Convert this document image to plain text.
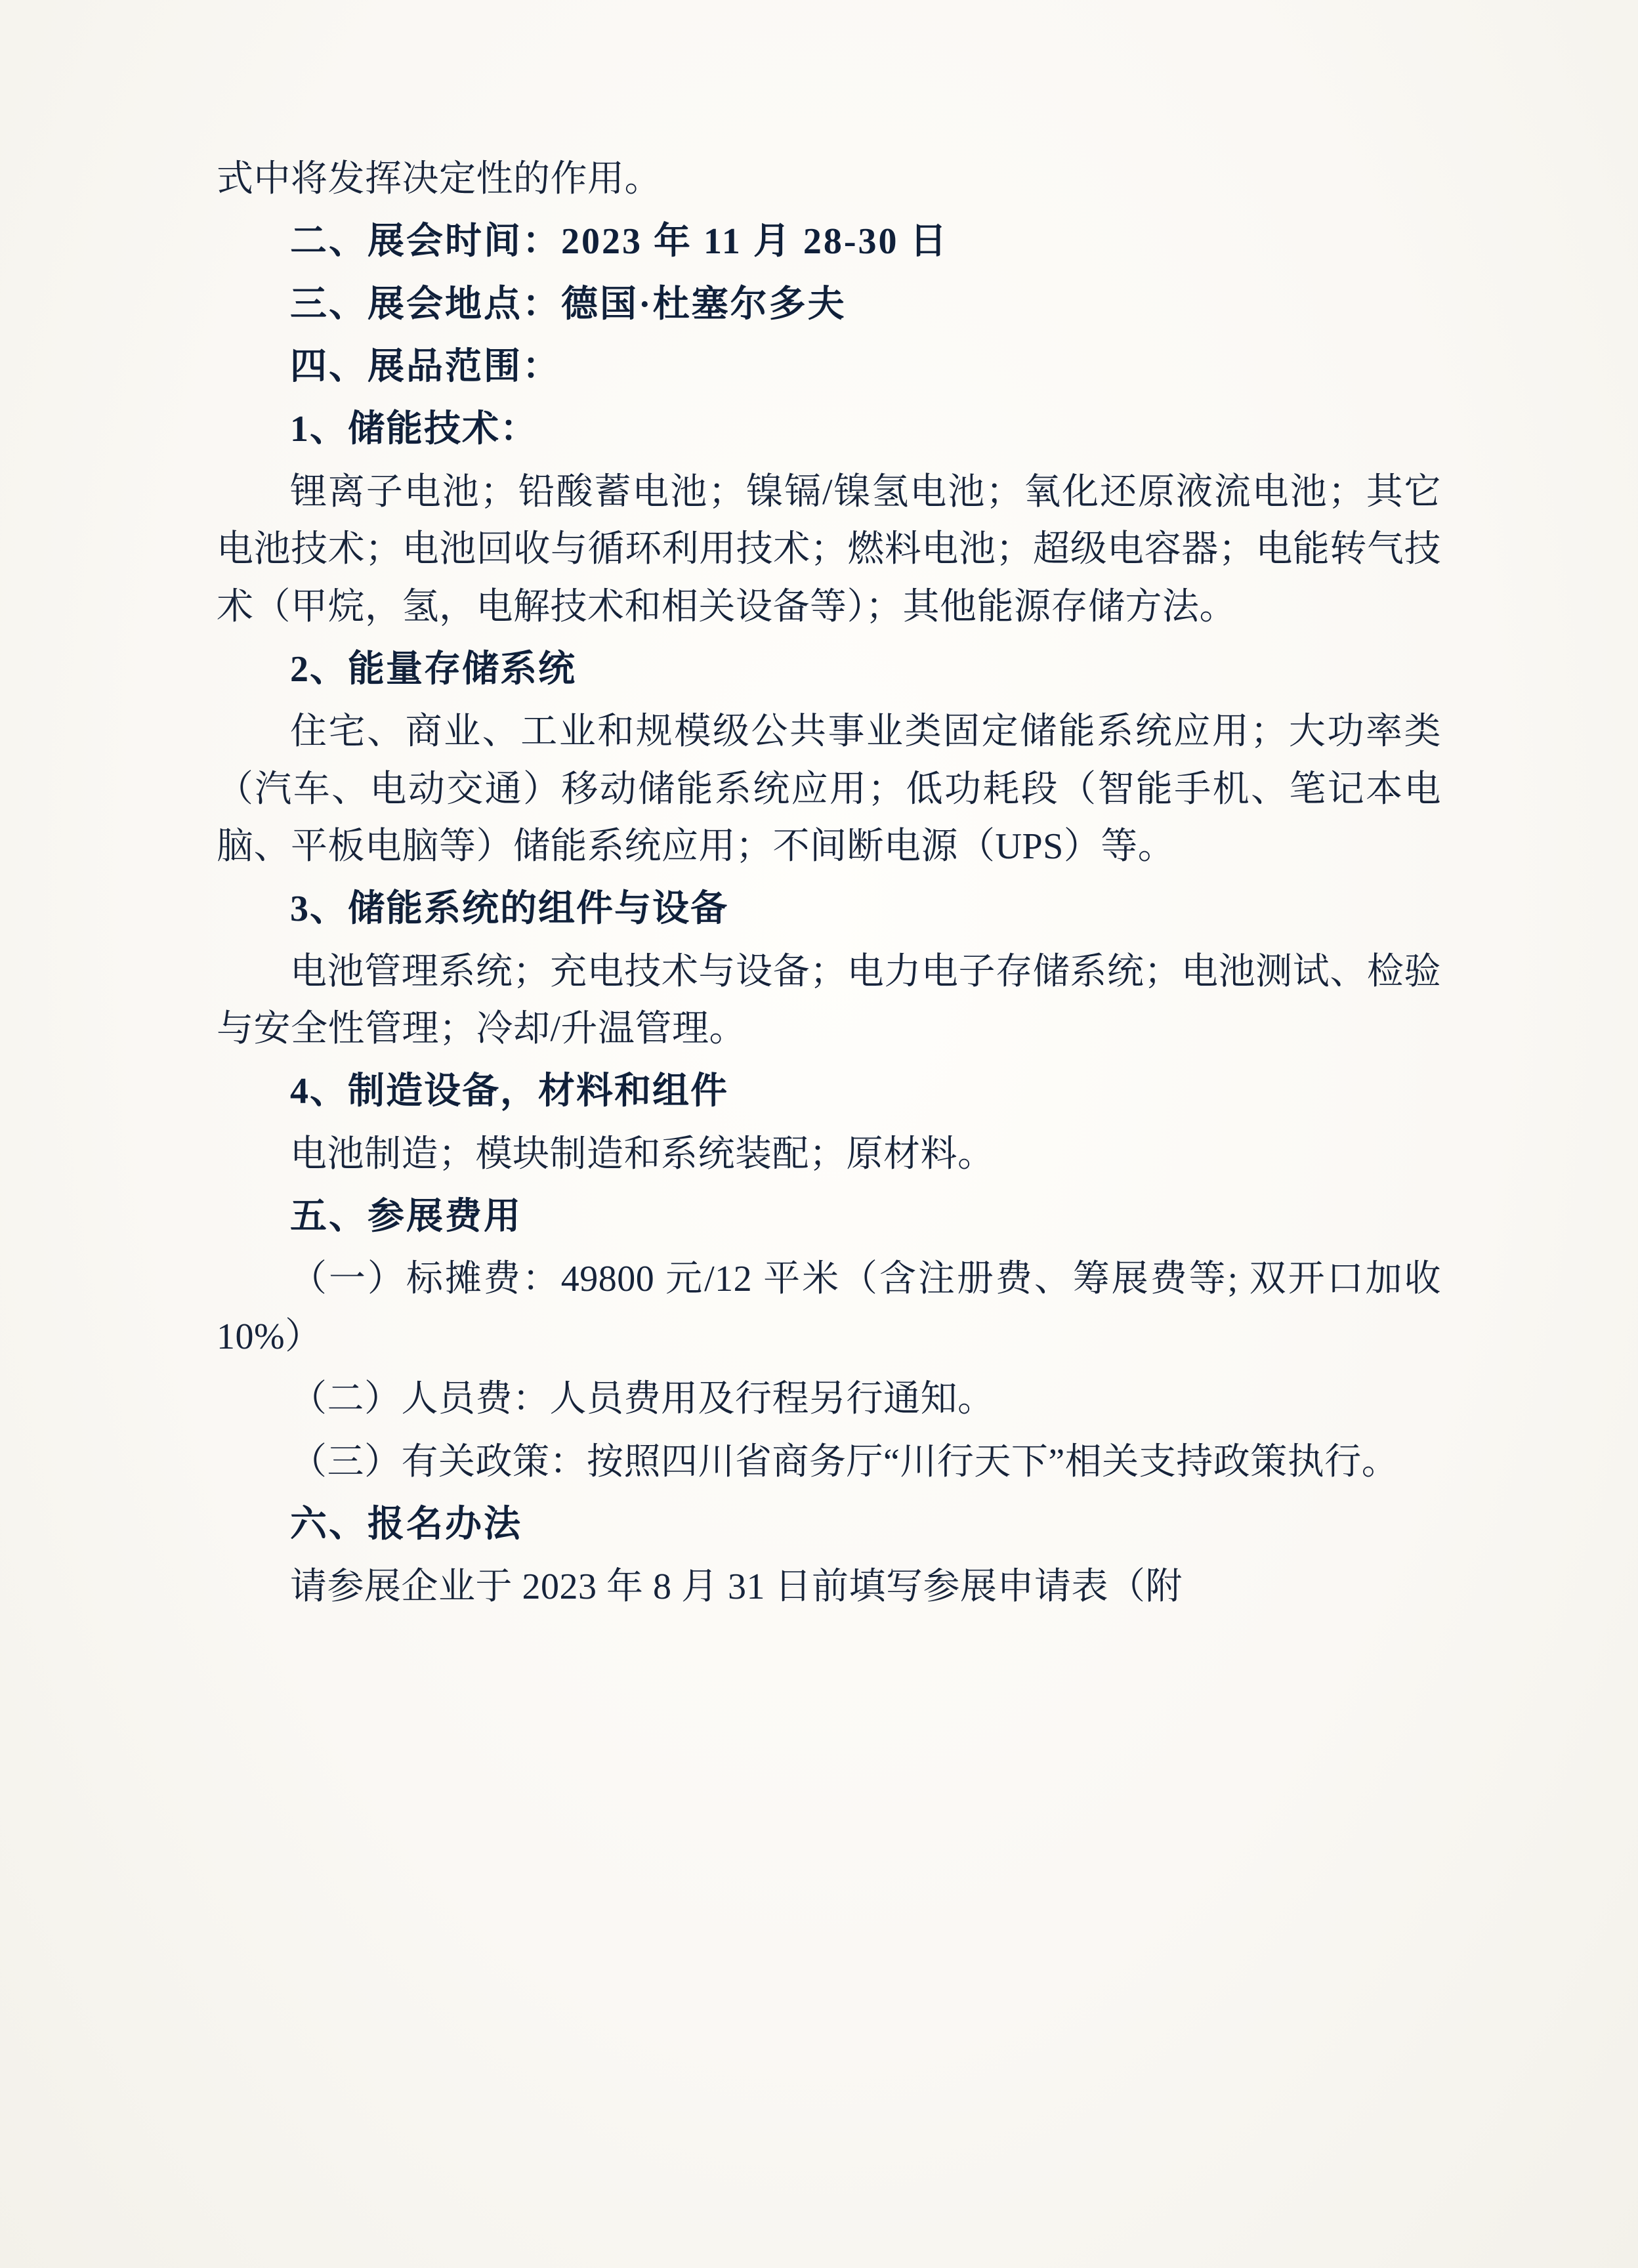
式中将发挥决定性的作用。

二、展会时间：2023 年 11 月 28-30 日

三、展会地点：德国·杜塞尔多夫

四、展品范围：

1、储能技术：

锂离子电池；铅酸蓄电池；镍镉/镍氢电池；氧化还原液流电池；其它电池技术；电池回收与循环利用技术；燃料电池；超级电容器；电能转气技术（甲烷，氢，电解技术和相关设备等）；其他能源存储方法。

2、能量存储系统

住宅、商业、工业和规模级公共事业类固定储能系统应用；大功率类（汽车、电动交通）移动储能系统应用；低功耗段（智能手机、笔记本电脑、平板电脑等）储能系统应用；不间断电源（UPS）等。

3、储能系统的组件与设备

电池管理系统；充电技术与设备；电力电子存储系统；电池测试、检验与安全性管理；冷却/升温管理。

4、制造设备，材料和组件

电池制造；模块制造和系统装配；原材料。

五、参展费用

（一）标摊费：49800 元/12 平米（含注册费、筹展费等; 双开口加收 10%）

（二）人员费：人员费用及行程另行通知。

（三）有关政策：按照四川省商务厅“川行天下”相关支持政策执行。

六、报名办法

请参展企业于 2023 年 8 月 31 日前填写参展申请表（附
